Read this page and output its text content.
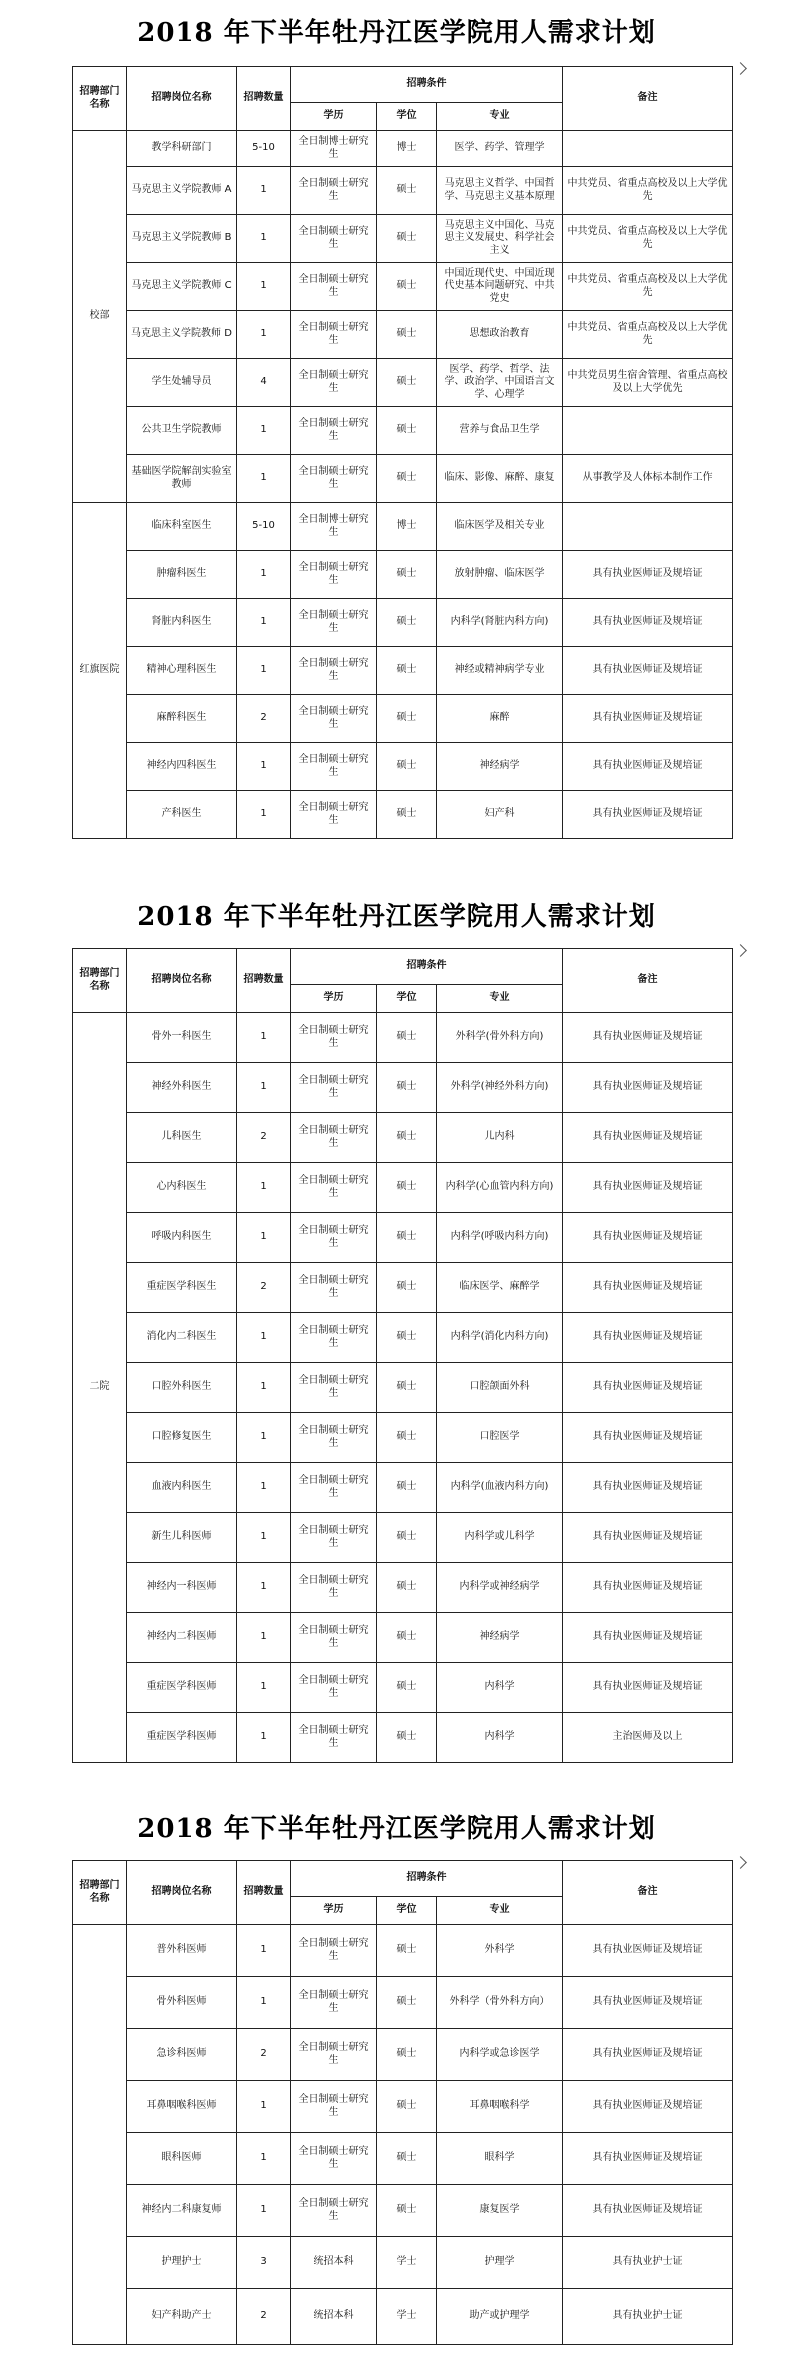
2018 年下半年牡丹江医学院用人需求计划
招聘部门名称	招聘岗位名称	招聘数量	招聘条件			备注
			学历	学位	专业	
校部	教学科研部门	5-10	全日制博士研究生	博士	医学、药学、管理学	
	马克思主义学院教师 A	1	全日制硕士研究生	硕士	马克思主义哲学、中国哲学、马克思主义基本原理	中共党员、省重点高校及以上大学优先
	马克思主义学院教师 B	1	全日制硕士研究生	硕士	马克思主义中国化、马克思主义发展史、科学社会主义	中共党员、省重点高校及以上大学优先
	马克思主义学院教师 C	1	全日制硕士研究生	硕士	中国近现代史、中国近现代史基本问题研究、中共党史	中共党员、省重点高校及以上大学优先
	马克思主义学院教师 D	1	全日制硕士研究生	硕士	思想政治教育	中共党员、省重点高校及以上大学优先
	学生处辅导员	4	全日制硕士研究生	硕士	医学、药学、哲学、法学、政治学、中国语言文学、心理学	中共党员男生宿舍管理、省重点高校及以上大学优先
	公共卫生学院教师	1	全日制硕士研究生	硕士	营养与食品卫生学	
	基础医学院解剖实验室教师	1	全日制硕士研究生	硕士	临床、影像、麻醉、康复	从事教学及人体标本制作工作
红旗医院	临床科室医生	5-10	全日制博士研究生	博士	临床医学及相关专业	
	肿瘤科医生	1	全日制硕士研究生	硕士	放射肿瘤、临床医学	具有执业医师证及规培证
	肾脏内科医生	1	全日制硕士研究生	硕士	内科学(肾脏内科方向)	具有执业医师证及规培证
	精神心理科医生	1	全日制硕士研究生	硕士	神经或精神病学专业	具有执业医师证及规培证
	麻醉科医生	2	全日制硕士研究生	硕士	麻醉	具有执业医师证及规培证
	神经内四科医生	1	全日制硕士研究生	硕士	神经病学	具有执业医师证及规培证
	产科医生	1	全日制硕士研究生	硕士	妇产科	具有执业医师证及规培证
2018 年下半年牡丹江医学院用人需求计划
招聘部门名称	招聘岗位名称	招聘数量	招聘条件			备注
			学历	学位	专业	
二院	骨外一科医生	1	全日制硕士研究生	硕士	外科学(骨外科方向)	具有执业医师证及规培证
	神经外科医生	1	全日制硕士研究生	硕士	外科学(神经外科方向)	具有执业医师证及规培证
	儿科医生	2	全日制硕士研究生	硕士	儿内科	具有执业医师证及规培证
	心内科医生	1	全日制硕士研究生	硕士	内科学(心血管内科方向)	具有执业医师证及规培证
	呼吸内科医生	1	全日制硕士研究生	硕士	内科学(呼吸内科方向)	具有执业医师证及规培证
	重症医学科医生	2	全日制硕士研究生	硕士	临床医学、麻醉学	具有执业医师证及规培证
	消化内二科医生	1	全日制硕士研究生	硕士	内科学(消化内科方向)	具有执业医师证及规培证
	口腔外科医生	1	全日制硕士研究生	硕士	口腔颌面外科	具有执业医师证及规培证
	口腔修复医生	1	全日制硕士研究生	硕士	口腔医学	具有执业医师证及规培证
	血液内科医生	1	全日制硕士研究生	硕士	内科学(血液内科方向)	具有执业医师证及规培证
	新生儿科医师	1	全日制硕士研究生	硕士	内科学或儿科学	具有执业医师证及规培证
	神经内一科医师	1	全日制硕士研究生	硕士	内科学或神经病学	具有执业医师证及规培证
	神经内二科医师	1	全日制硕士研究生	硕士	神经病学	具有执业医师证及规培证
	重症医学科医师	1	全日制硕士研究生	硕士	内科学	具有执业医师证及规培证
	重症医学科医师	1	全日制硕士研究生	硕士	内科学	主治医师及以上
2018 年下半年牡丹江医学院用人需求计划
招聘部门名称	招聘岗位名称	招聘数量	招聘条件			备注
			学历	学位	专业	
	普外科医师	1	全日制硕士研究生	硕士	外科学	具有执业医师证及规培证
	骨外科医师	1	全日制硕士研究生	硕士	外科学（骨外科方向）	具有执业医师证及规培证
	急诊科医师	2	全日制硕士研究生	硕士	内科学或急诊医学	具有执业医师证及规培证
	耳鼻咽喉科医师	1	全日制硕士研究生	硕士	耳鼻咽喉科学	具有执业医师证及规培证
	眼科医师	1	全日制硕士研究生	硕士	眼科学	具有执业医师证及规培证
	神经内二科康复师	1	全日制硕士研究生	硕士	康复医学	具有执业医师证及规培证
	护理护士	3	统招本科	学士	护理学	具有执业护士证
	妇产科助产士	2	统招本科	学士	助产或护理学	具有执业护士证
